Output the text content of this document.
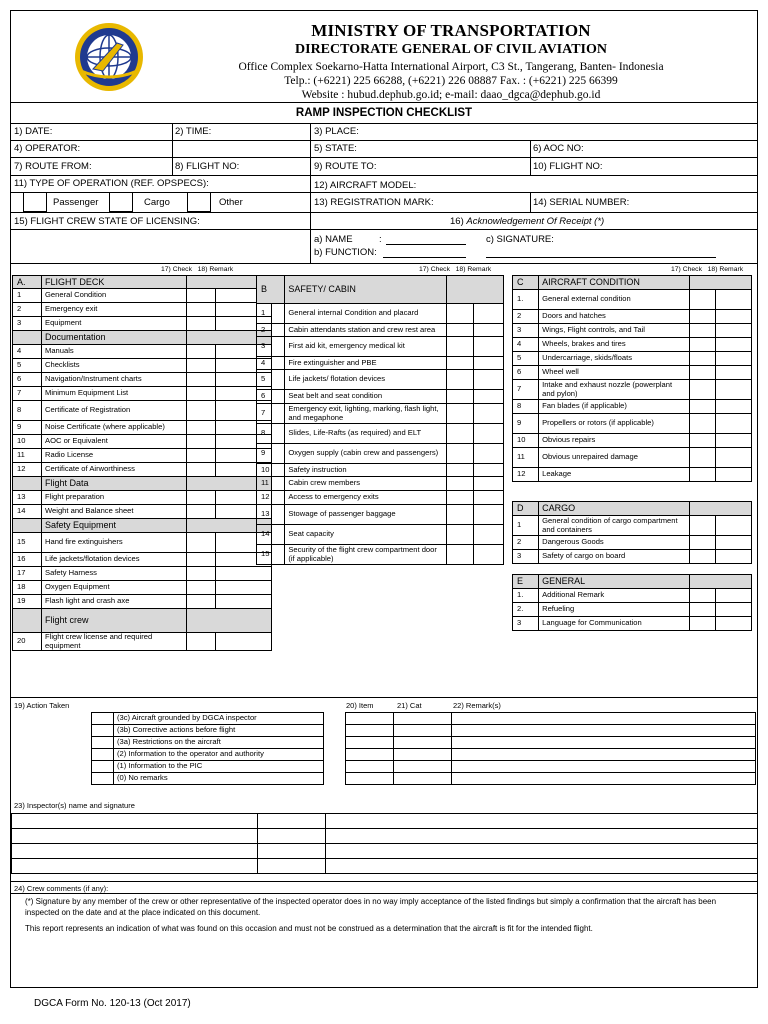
MINISTRY OF TRANSPORTATION
DIRECTORATE GENERAL OF CIVIL AVIATION
Office Complex Soekarno-Hatta International Airport, C3 St., Tangerang, Banten- Indonesia
Telp.: (+6221) 225 66288, (+6221) 226 08887 Fax. : (+6221) 225 66399
Website : hubud.dephub.go.id; e-mail: daao_dgca@dephub.go.id
RAMP INSPECTION CHECKLIST
1) DATE:	2) TIME:	3) PLACE:
4) OPERATOR:	5) STATE:	6) AOC NO:
7) ROUTE FROM:	8) FLIGHT NO:	9) ROUTE TO:	10) FLIGHT NO:
11) TYPE OF OPERATION (REF. OPSPECS):	12) AIRCRAFT MODEL:
Passenger	Cargo	Other	13) REGISTRATION MARK:	14) SERIAL NUMBER:
15) FLIGHT CREW STATE OF LICENSING:	16) Acknowledgement Of Receipt (*)
a) NAME	:
b) FUNCTION:
c) SIGNATURE:
17) Check 18) Remark	17) Check 18) Remark	17) Check 18) Remark
A.	FLIGHT DECK		
1	General Condition		
2	Emergency exit		
3	Equipment		
	Documentation		
4	Manuals		
5	Checklists		
6	Navigation/Instrument charts		
7	Minimum Equipment List		
8	Certificate of Registration		
9	Noise Certificate (where applicable)		
10	AOC or Equivalent		
11	Radio License		
12	Certificate of Airworthiness		
	Flight Data		
13	Flight preparation		
14	Weight and Balance sheet		
	Safety Equipment		
15	Hand fire extinguishers		
16	Life jackets/flotation devices		
17	Safety Harness		
18	Oxygen Equipment		
19	Flash light and crash axe		
	Flight crew		
20	Flight crew license and required equipment		
B	SAFETY/ CABIN		
1	General internal Condition and placard		
2	Cabin attendants station and crew rest area		
3	First aid kit, emergency medical kit		
4	Fire extinguisher and PBE		
5	Life jackets/ flotation devices		
6	Seat belt and seat condition		
7	Emergency exit, lighting, marking, flash light, and megaphone		
8	Slides, Life-Rafts (as required) and ELT		
9	Oxygen supply (cabin crew and passengers)		
10	Safety instruction		
11	Cabin crew members		
12	Access to emergency exits		
13	Stowage of passenger baggage		
14	Seat capacity		
15	Security of the flight crew compartment door (if applicable)		
C	AIRCRAFT CONDITION		
1.	General external condition		
2	Doors and hatches		
3	Wings, Flight controls, and Tail		
4	Wheels, brakes and tires		
5	Undercarriage, skids/floats		
6	Wheel well		
7	Intake and exhaust nozzle (powerplant and pylon)		
8	Fan blades (if applicable)		
9	Propellers or rotors (if applicable)		
10	Obvious repairs		
11	Obvious unrepaired damage		
12	Leakage		
D	CARGO		
1	General condition of cargo compartment and containers		
2	Dangerous Goods		
3	Safety of cargo on board		
E	GENERAL		
1.	Additional Remark		
2.	Refueling		
3	Language for Communication		
19) Action Taken	20) Item	21) Cat	22) Remark(s)
	(3c) Aircraft grounded by DGCA inspector
	(3b) Corrective actions before flight
	(3a) Restrictions on the aircraft
	(2) Information to the operator and authority
	(1) Information to the PIC
	(0) No remarks

23) Inspector(s) name and signature

24) Crew comments (if any):
(*) Signature by any member of the crew or other representative of the inspected operator does in no way imply acceptance of the listed findings but simply a confirmation that the aircraft has been inspected on the date and at the place indicated on this document.
This report represents an indication of what was found on this occasion and must not be construed as a determination that the aircraft is fit for the intended flight.
DGCA Form No. 120-13 (Oct 2017)
